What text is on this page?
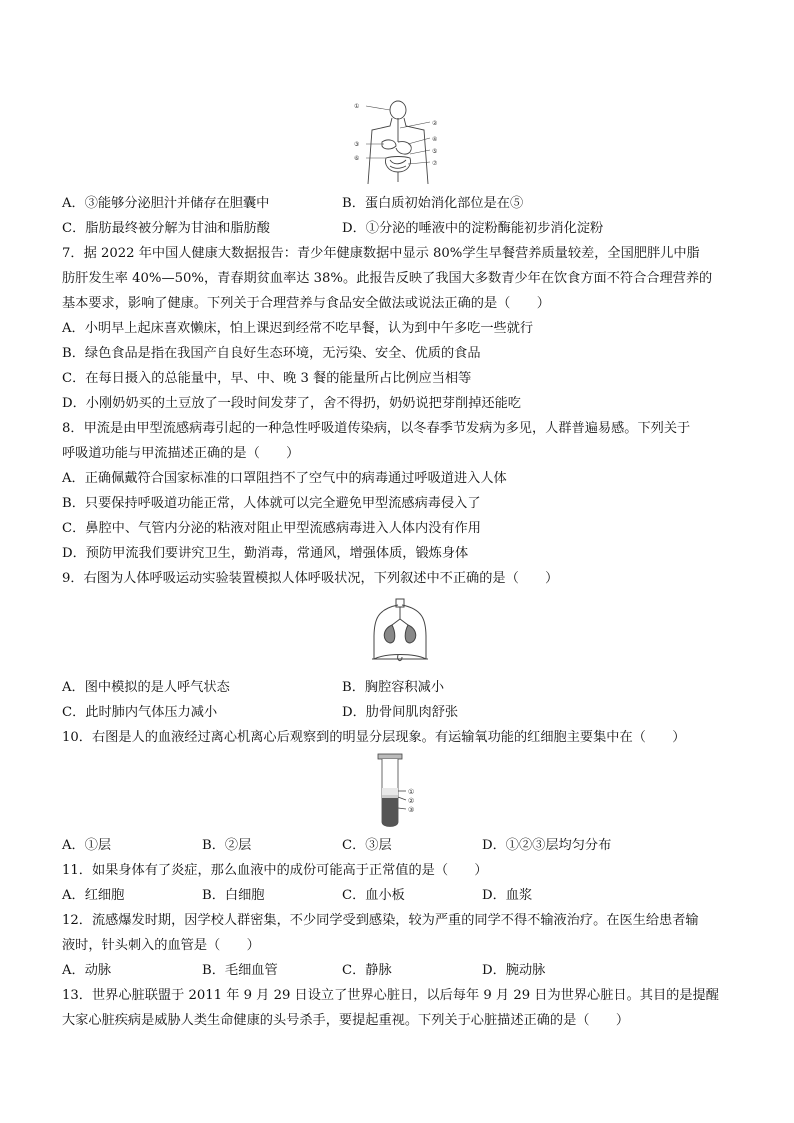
①
②
③
④
⑤
⑥
⑦
A．③能够分泌胆汁并储存在胆囊中	B．蛋白质初始消化部位是在⑤
C．脂肪最终被分解为甘油和脂肪酸	D．①分泌的唾液中的淀粉酶能初步消化淀粉
7．据 2022 年中国人健康大数据报告：青少年健康数据中显示 80%学生早餐营养质量较差，全国肥胖儿中脂
肪肝发生率 40%—50%，青春期贫血率达 38%。此报告反映了我国大多数青少年在饮食方面不符合合理营养的
基本要求，影响了健康。下列关于合理营养与食品安全做法或说法正确的是（　　）
A．小明早上起床喜欢懒床，怕上课迟到经常不吃早餐，认为到中午多吃一些就行
B．绿色食品是指在我国产自良好生态环境，无污染、安全、优质的食品
C．在每日摄入的总能量中，早、中、晚 3 餐的能量所占比例应当相等
D．小刚奶奶买的土豆放了一段时间发芽了，舍不得扔，奶奶说把芽削掉还能吃
8．甲流是由甲型流感病毒引起的一种急性呼吸道传染病，以冬春季节发病为多见，人群普遍易感。下列关于
呼吸道功能与甲流描述正确的是（　　）
A．正确佩戴符合国家标准的口罩阻挡不了空气中的病毒通过呼吸道进入人体
B．只要保持呼吸道功能正常，人体就可以完全避免甲型流感病毒侵入了
C．鼻腔中、气管内分泌的粘液对阻止甲型流感病毒进入人体内没有作用
D．预防甲流我们要讲究卫生，勤消毒，常通风，增强体质，锻炼身体
9．右图为人体呼吸运动实验装置模拟人体呼吸状况，下列叙述中不正确的是（　　）
A．图中模拟的是人呼气状态	B．胸腔容积减小
C．此时肺内气体压力减小	D．肋骨间肌肉舒张
10．右图是人的血液经过离心机离心后观察到的明显分层现象。有运输氧功能的红细胞主要集中在（　　）
①
②
③
A．①层	B．②层	C．③层	D．①②③层均匀分布
11．如果身体有了炎症，那么血液中的成份可能高于正常值的是（　　）
A．红细胞	B．白细胞	C．血小板	D．血浆
12．流感爆发时期，因学校人群密集，不少同学受到感染，较为严重的同学不得不输液治疗。在医生给患者输
液时，针头刺入的血管是（　　）
A．动脉	B．毛细血管	C．静脉	D．腕动脉
13．世界心脏联盟于 2011 年 9 月 29 日设立了世界心脏日，以后每年 9 月 29 日为世界心脏日。其目的是提醒
大家心脏疾病是威胁人类生命健康的头号杀手，要提起重视。下列关于心脏描述正确的是（　　）
